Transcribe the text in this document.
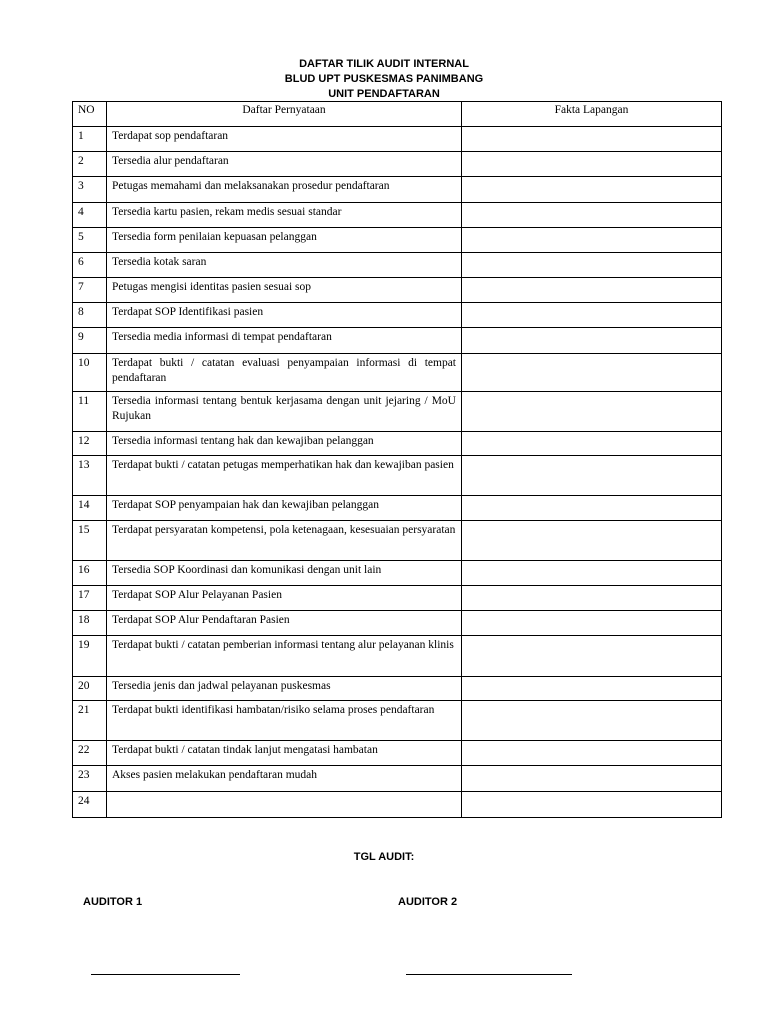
DAFTAR TILIK AUDIT INTERNAL
BLUD UPT PUSKESMAS PANIMBANG
UNIT PENDAFTARAN
NO	Daftar Pernyataan	Fakta Lapangan
1	Terdapat sop pendaftaran	
2	Tersedia alur pendaftaran	
3	Petugas memahami dan melaksanakan prosedur pendaftaran	
4	Tersedia kartu pasien, rekam medis sesuai standar	
5	Tersedia form penilaian kepuasan pelanggan	
6	Tersedia kotak saran	
7	Petugas mengisi identitas pasien sesuai sop	
8	Terdapat SOP Identifikasi pasien	
9	Tersedia media informasi di tempat pendaftaran	
10	Terdapat bukti / catatan evaluasi penyampaian informasi di tempat pendaftaran	
11	Tersedia informasi tentang bentuk kerjasama dengan unit jejaring / MoU Rujukan	
12	Tersedia informasi tentang hak dan kewajiban pelanggan	
13	Terdapat bukti / catatan petugas memperhatikan hak dan kewajiban pasien	
14	Terdapat SOP penyampaian hak dan kewajiban pelanggan	
15	Terdapat persyaratan kompetensi, pola ketenagaan, kesesuaian persyaratan	
16	Tersedia SOP Koordinasi dan komunikasi dengan unit lain	
17	Terdapat SOP Alur Pelayanan Pasien	
18	Terdapat SOP Alur Pendaftaran Pasien	
19	Terdapat bukti / catatan pemberian informasi tentang alur pelayanan klinis	
20	Tersedia jenis dan jadwal pelayanan puskesmas	
21	Terdapat bukti identifikasi hambatan/risiko selama proses pendaftaran	
22	Terdapat bukti / catatan tindak lanjut mengatasi hambatan	
23	Akses pasien melakukan pendaftaran mudah	
24		
TGL AUDIT:
AUDITOR 1	AUDITOR 2
